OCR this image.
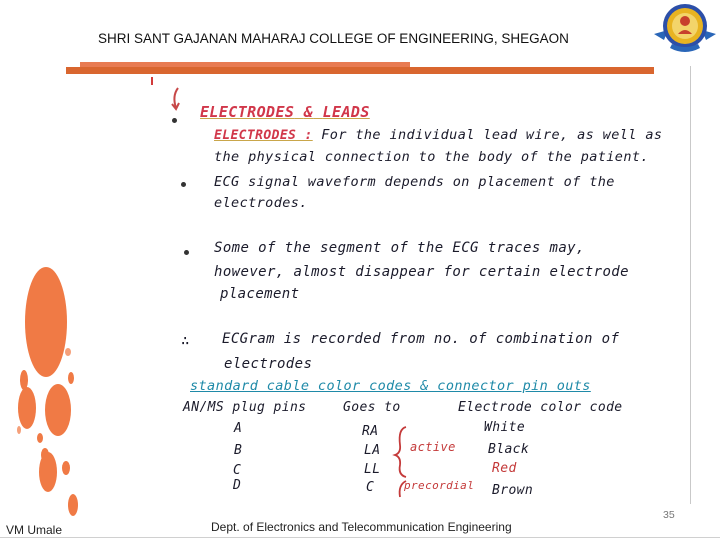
SHRI SANT GAJANAN MAHARAJ COLLEGE OF ENGINEERING, SHEGAON
ELECTRODES & LEADS
ELECTRODES : For the individual lead wire, as well as
the physical connection to the body of the patient.
ECG signal waveform depends on placement of the
electrodes.
Some of the segment of the ECG traces may,
however, almost disappear for certain electrode
placement
∴ ECGram is recorded from no. of combination of
electrodes
standard cable color codes & connector pin outs
AN/MS plug pins	Goes to	Electrode color code
A	RA	White
B	LA	Black
C	LL	Red
D	C	Brown
active
precordial
35
VM Umale	Dept. of Electronics and Telecommunication Engineering
